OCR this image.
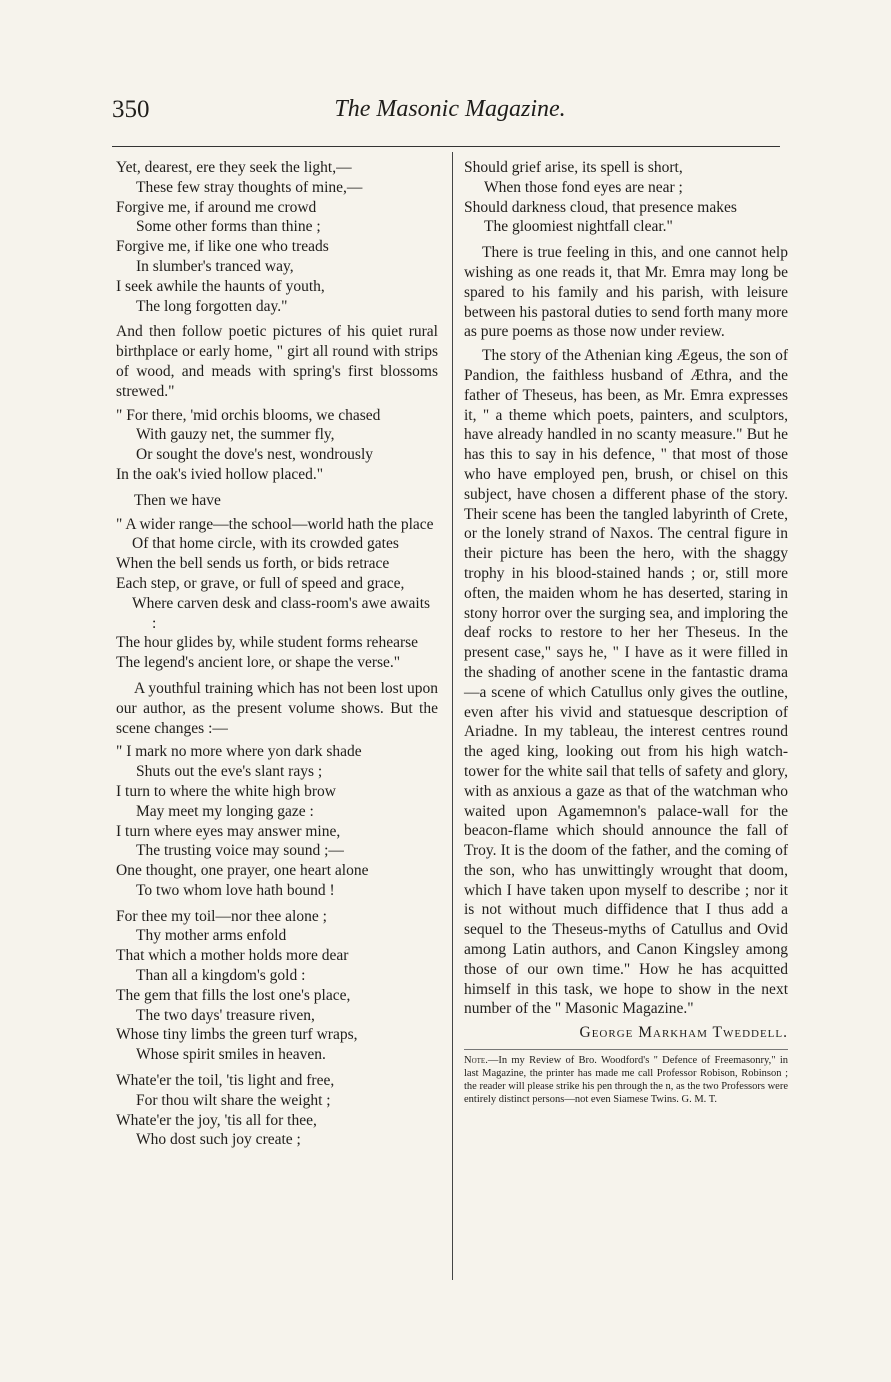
350	The Masonic Magazine.
Yet, dearest, ere they seek the light,—
These few stray thoughts of mine,—
Forgive me, if around me crowd
Some other forms than thine ;
Forgive me, if like one who treads
In slumber's tranced way,
I seek awhile the haunts of youth,
The long forgotten day."

And then follow poetic pictures of his quiet rural birthplace or early home, " girt all round with strips of wood, and meads with spring's first blossoms strewed."

" For there, 'mid orchis blooms, we chased
With gauzy net, the summer fly,
Or sought the dove's nest, wondrously
In the oak's ivied hollow placed."

Then we have

" A wider range—the school—world hath the place
Of that home circle, with its crowded gates
When the bell sends us forth, or bids retrace
Each step, or grave, or full of speed and grace,
Where carven desk and class-room's awe awaits :
The hour glides by, while student forms rehearse
The legend's ancient lore, or shape the verse."

A youthful training which has not been lost upon our author, as the present volume shows. But the scene changes :—

" I mark no more where yon dark shade
Shuts out the eve's slant rays ;
I turn to where the white high brow
May meet my longing gaze :
I turn where eyes may answer mine,
The trusting voice may sound ;—
One thought, one prayer, one heart alone
To two whom love hath bound !
For thee my toil—nor thee alone ;
Thy mother arms enfold
That which a mother holds more dear
Than all a kingdom's gold :
The gem that fills the lost one's place,
The two days' treasure riven,
Whose tiny limbs the green turf wraps,
Whose spirit smiles in heaven.
Whate'er the toil, 'tis light and free,
For thou wilt share the weight ;
Whate'er the joy, 'tis all for thee,
Who dost such joy create ;
Should grief arise, its spell is short,
When those fond eyes are near ;
Should darkness cloud, that presence makes
The gloomiest nightfall clear."

There is true feeling in this, and one cannot help wishing as one reads it, that Mr. Emra may long be spared to his family and his parish, with leisure between his pastoral duties to send forth many more as pure poems as those now under review.

The story of the Athenian king Ægeus, the son of Pandion, the faithless husband of Æthra, and the father of Theseus, has been, as Mr. Emra expresses it, " a theme which poets, painters, and sculptors, have already handled in no scanty measure." But he has this to say in his defence, " that most of those who have employed pen, brush, or chisel on this subject, have chosen a different phase of the story. Their scene has been the tangled labyrinth of Crete, or the lonely strand of Naxos. The central figure in their picture has been the hero, with the shaggy trophy in his blood-stained hands ; or, still more often, the maiden whom he has deserted, staring in stony horror over the surging sea, and imploring the deaf rocks to restore to her her Theseus. In the present case," says he, " I have as it were filled in the shading of another scene in the fantastic drama—a scene of which Catullus only gives the outline, even after his vivid and statuesque description of Ariadne. In my tableau, the interest centres round the aged king, looking out from his high watch-tower for the white sail that tells of safety and glory, with as anxious a gaze as that of the watchman who waited upon Agamemnon's palace-wall for the beacon-flame which should announce the fall of Troy. It is the doom of the father, and the coming of the son, who has unwittingly wrought that doom, which I have taken upon myself to describe ; nor it is not without much diffidence that I thus add a sequel to the Theseus-myths of Catullus and Ovid among Latin authors, and Canon Kingsley among those of our own time." How he has acquitted himself in this task, we hope to show in the next number of the " Masonic Magazine."

George Markham Tweddell.
Note.—In my Review of Bro. Woodford's " Defence of Freemasonry," in last Magazine, the printer has made me call Professor Robison, Robinson ; the reader will please strike his pen through the n, as the two Professors were entirely distinct persons—not even Siamese Twins. G. M. T.
